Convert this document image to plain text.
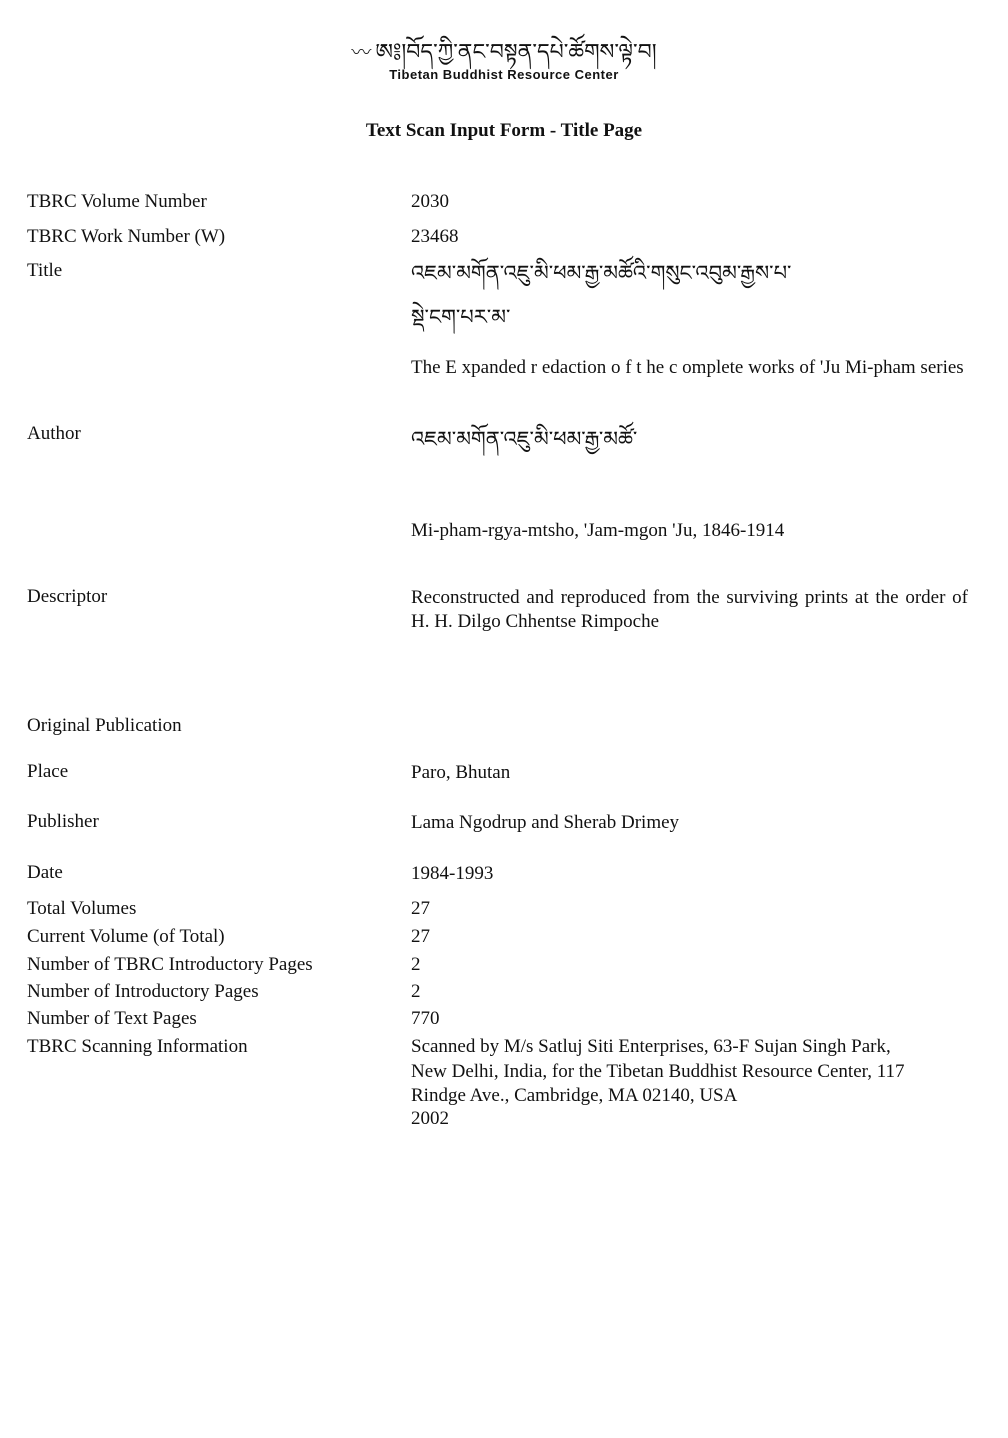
〰 ཨ༔།བོད་ཀྱི་ནང་བསྟན་དཔེ་ཚོགས་ལྟེ་བ།
Tibetan Buddhist Resource Center
Text Scan Input Form - Title Page
TBRC Volume Number	2030
TBRC Work Number (W)	23468
Title	འཇམ་མགོན་འཇུ་མི་ཕམ་རྒྱ་མཚོའི་གསུང་འབུམ་རྒྱས་པ་
སྡེ་ངག་པར་མ་
The E xpanded r edaction o f t he c omplete works of 'Ju Mi-pham series
Author	འཇམ་མགོན་འཇུ་མི་ཕམ་རྒྱ་མཚོ་
Mi-pham-rgya-mtsho, 'Jam-mgon 'Ju, 1846-1914
Descriptor	Reconstructed and reproduced from the surviving prints at the order of H. H. Dilgo Chhentse Rimpoche
Original Publication
Place	Paro, Bhutan
Publisher	Lama Ngodrup and Sherab Drimey
Date	1984-1993
Total Volumes	27
Current Volume (of Total)	27
Number of TBRC Introductory Pages	2
Number of Introductory Pages	2
Number of Text Pages	770
TBRC Scanning Information	Scanned by M/s Satluj Siti Enterprises, 63-F Sujan Singh Park,
New Delhi, India, for the Tibetan Buddhist Resource Center, 117
Rindge Ave., Cambridge, MA 02140, USA
2002
